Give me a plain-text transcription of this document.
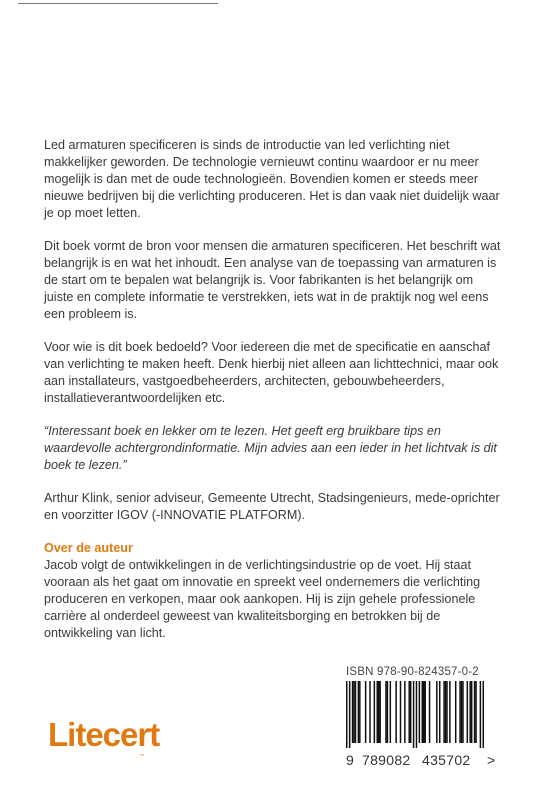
Led armaturen specificeren is sinds de introductie van led verlichting niet makkelijker geworden. De technologie vernieuwt continu waardoor er nu meer mogelijk is dan met de oude technologieën. Bovendien komen er steeds meer nieuwe bedrijven bij die verlichting produceren. Het is dan vaak niet duidelijk waar je op moet letten.

Dit boek vormt de bron voor mensen die armaturen specificeren. Het beschrift wat belangrijk is en wat het inhoudt. Een analyse van de toepassing van armaturen is de start om te bepalen wat belangrijk is. Voor fabrikanten is het belangrijk om juiste en complete informatie te verstrekken, iets wat in de praktijk nog wel eens een probleem is.

Voor wie is dit boek bedoeld? Voor iedereen die met de specificatie en aanschaf van verlichting te maken heeft. Denk hierbij niet alleen aan lichttechnici, maar ook aan installateurs, vastgoedbeheerders, architecten, gebouwbeheerders, installatieverantwoordelijken etc.

“Interessant boek en lekker om te lezen. Het geeft erg bruikbare tips en waardevolle achtergrondinformatie. Mijn advies aan een ieder in het lichtvak is dit boek te lezen.”

Arthur Klink, senior adviseur, Gemeente Utrecht, Stadsingenieurs, mede-oprichter en voorzitter IGOV (-INNOVATIE PLATFORM).

Over de auteur

Jacob volgt de ontwikkelingen in de verlichtingsindustrie op de voet. Hij staat vooraan als het gaat om innovatie en spreekt veel ondernemers die verlichting produceren en verkopen, maar ook aankopen. Hij is zijn gehele professionele carrière al onderdeel geweest van kwaliteitsborging en betrokken bij de ontwikkeling van licht.

Litecert
▪▪▪
ISBN 978-90-824357-0-2
9 789082 435702 >
